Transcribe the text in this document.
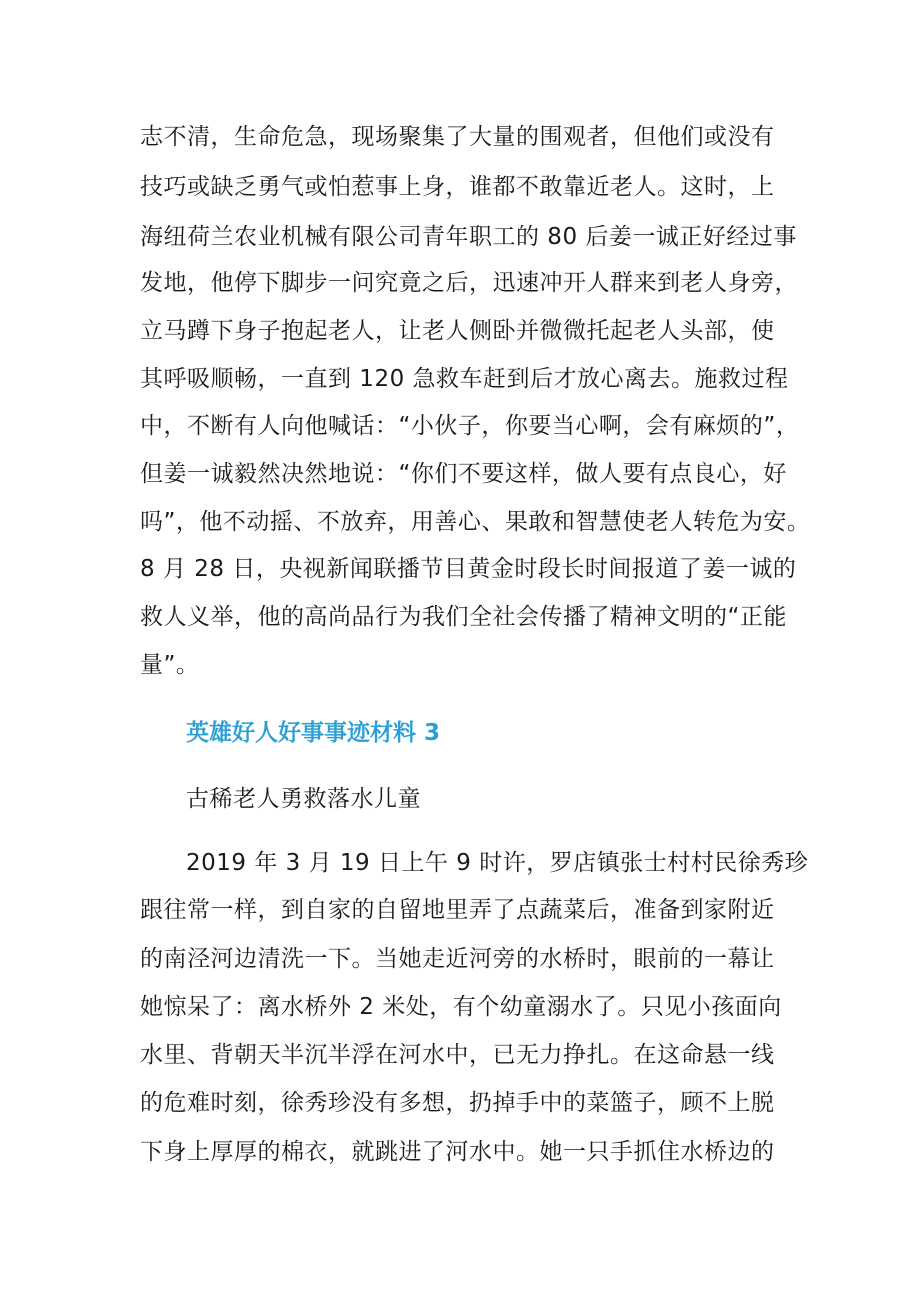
志不清，生命危急，现场聚集了大量的围观者，但他们或没有
技巧或缺乏勇气或怕惹事上身，谁都不敢靠近老人。这时，上
海纽荷兰农业机械有限公司青年职工的 80 后姜一诚正好经过事
发地，他停下脚步一问究竟之后，迅速冲开人群来到老人身旁，
立马蹲下身子抱起老人，让老人侧卧并微微托起老人头部，使
其呼吸顺畅，一直到 120 急救车赶到后才放心离去。施救过程
中，不断有人向他喊话：“小伙子，你要当心啊，会有麻烦的”，
但姜一诚毅然决然地说：“你们不要这样，做人要有点良心，好
吗”，他不动摇、不放弃，用善心、果敢和智慧使老人转危为安。
8 月 28 日，央视新闻联播节目黄金时段长时间报道了姜一诚的
救人义举，他的高尚品行为我们全社会传播了精神文明的“正能
量”。
英雄好人好事事迹材料 3
古稀老人勇救落水儿童
2019 年 3 月 19 日上午 9 时许，罗店镇张士村村民徐秀珍
跟往常一样，到自家的自留地里弄了点蔬菜后，准备到家附近
的南泾河边清洗一下。当她走近河旁的水桥时，眼前的一幕让
她惊呆了：离水桥外 2 米处，有个幼童溺水了。只见小孩面向
水里、背朝天半沉半浮在河水中，已无力挣扎。在这命悬一线
的危难时刻，徐秀珍没有多想，扔掉手中的菜篮子，顾不上脱
下身上厚厚的棉衣，就跳进了河水中。她一只手抓住水桥边的
